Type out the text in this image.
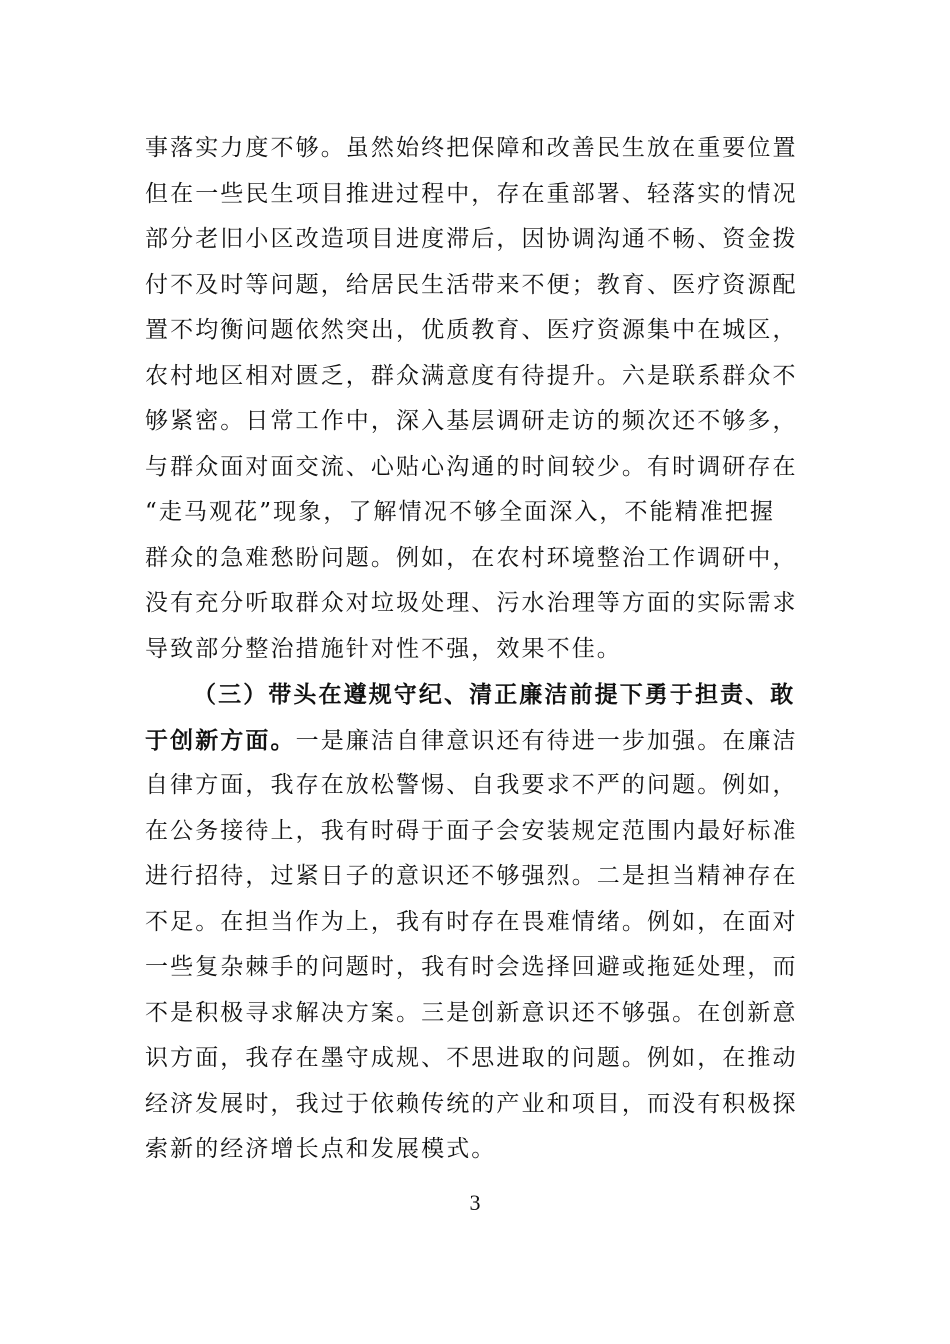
事落实力度不够。虽然始终把保障和改善民生放在重要位置
但在一些民生项目推进过程中，存在重部署、轻落实的情况
部分老旧小区改造项目进度滞后，因协调沟通不畅、资金拨
付不及时等问题，给居民生活带来不便；教育、医疗资源配
置不均衡问题依然突出，优质教育、医疗资源集中在城区，
农村地区相对匮乏，群众满意度有待提升。六是联系群众不
够紧密。日常工作中，深入基层调研走访的频次还不够多，
与群众面对面交流、心贴心沟通的时间较少。有时调研存在
“走马观花”现象，了解情况不够全面深入，不能精准把握
群众的急难愁盼问题。例如，在农村环境整治工作调研中，
没有充分听取群众对垃圾处理、污水治理等方面的实际需求
导致部分整治措施针对性不强，效果不佳。
（三）带头在遵规守纪、清正廉洁前提下勇于担责、敢
于创新方面。一是廉洁自律意识还有待进一步加强。在廉洁
自律方面，我存在放松警惕、自我要求不严的问题。例如，
在公务接待上，我有时碍于面子会安装规定范围内最好标准
进行招待，过紧日子的意识还不够强烈。二是担当精神存在
不足。在担当作为上，我有时存在畏难情绪。例如，在面对
一些复杂棘手的问题时，我有时会选择回避或拖延处理，而
不是积极寻求解决方案。三是创新意识还不够强。在创新意
识方面，我存在墨守成规、不思进取的问题。例如，在推动
经济发展时，我过于依赖传统的产业和项目，而没有积极探
索新的经济增长点和发展模式。
3
